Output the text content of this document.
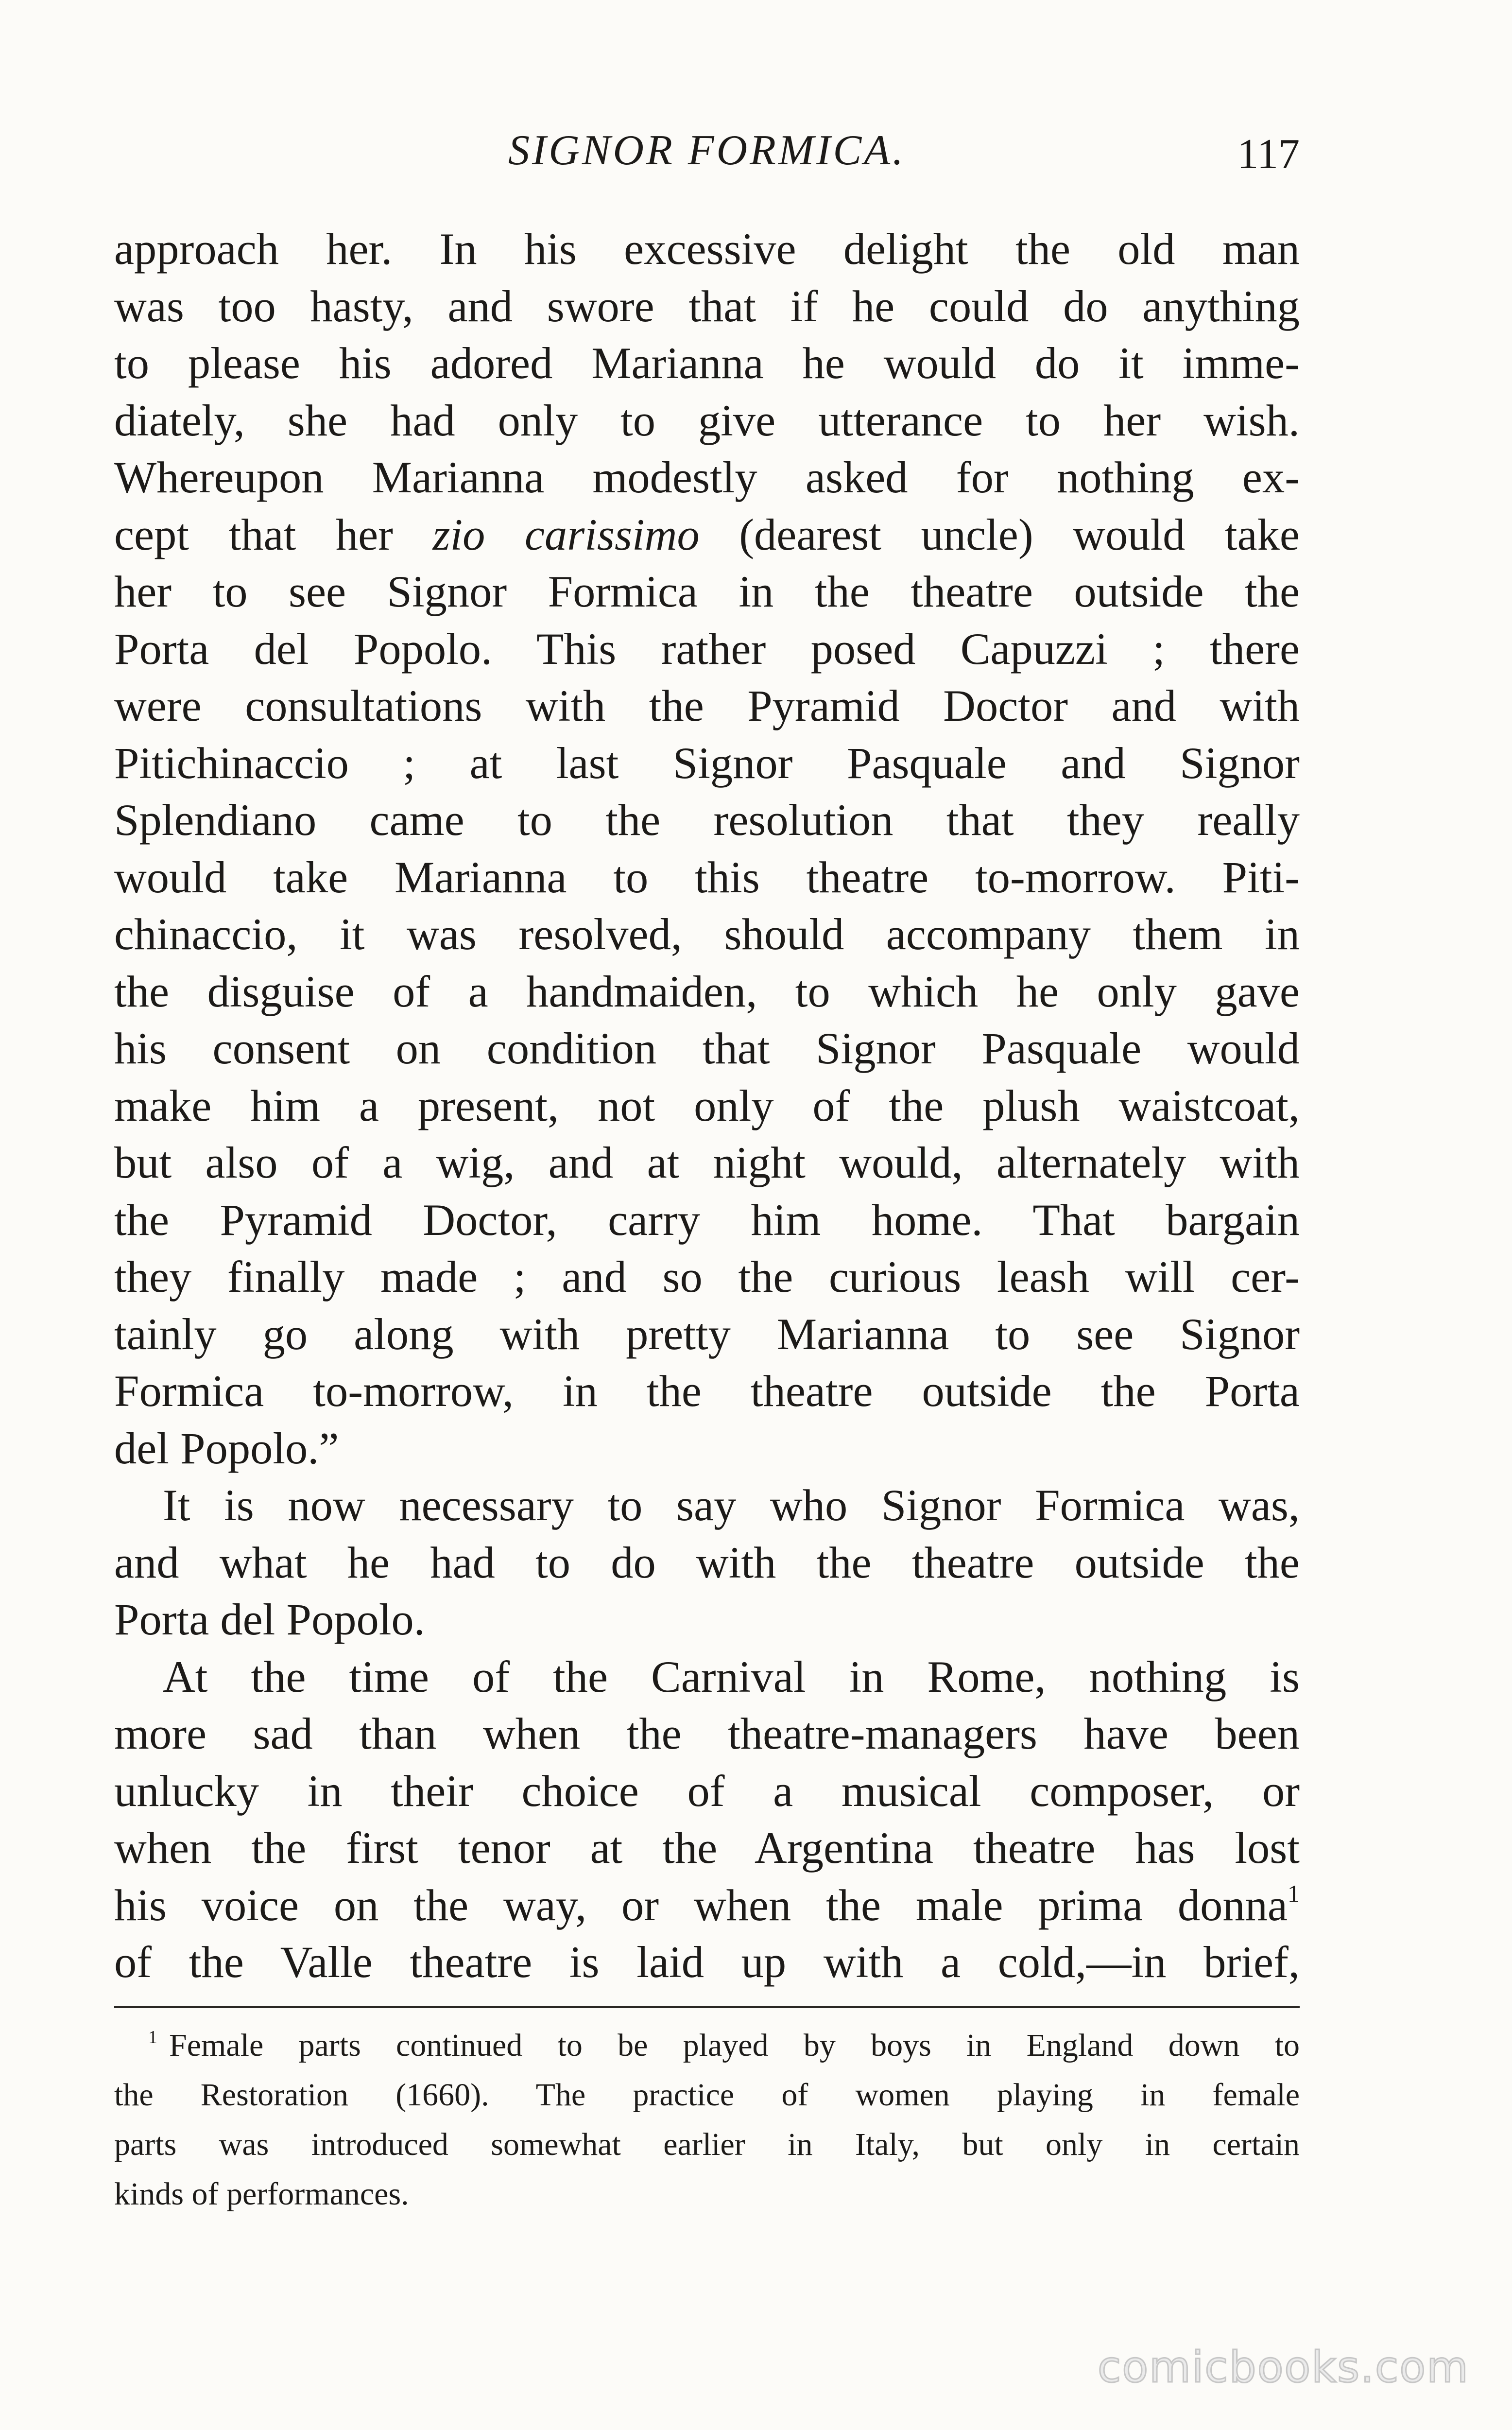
SIGNOR FORMICA.	117
approach her. In his excessive delight the old man
was too hasty, and swore that if he could do anything
to please his adored Marianna he would do it imme-
diately, she had only to give utterance to her wish.
Whereupon Marianna modestly asked for nothing ex-
cept that her zio carissimo (dearest uncle) would take
her to see Signor Formica in the theatre outside the
Porta del Popolo. This rather posed Capuzzi ; there
were consultations with the Pyramid Doctor and with
Pitichinaccio ; at last Signor Pasquale and Signor
Splendiano came to the resolution that they really
would take Marianna to this theatre to-morrow. Piti-
chinaccio, it was resolved, should accompany them in
the disguise of a handmaiden, to which he only gave
his consent on condition that Signor Pasquale would
make him a present, not only of the plush waistcoat,
but also of a wig, and at night would, alternately with
the Pyramid Doctor, carry him home. That bargain
they finally made ; and so the curious leash will cer-
tainly go along with pretty Marianna to see Signor
Formica to-morrow, in the theatre outside the Porta
del Popolo.”
It is now necessary to say who Signor Formica was,
and what he had to do with the theatre outside the
Porta del Popolo.
At the time of the Carnival in Rome, nothing is
more sad than when the theatre-managers have been
unlucky in their choice of a musical composer, or
when the first tenor at the Argentina theatre has lost
his voice on the way, or when the male prima donna$^1$
of the Valle theatre is laid up with a cold,—in brief,
$^1$ Female parts continued to be played by boys in England down to
the Restoration (1660). The practice of women playing in female
parts was introduced somewhat earlier in Italy, but only in certain
kinds of performances.
comicbooks.com
